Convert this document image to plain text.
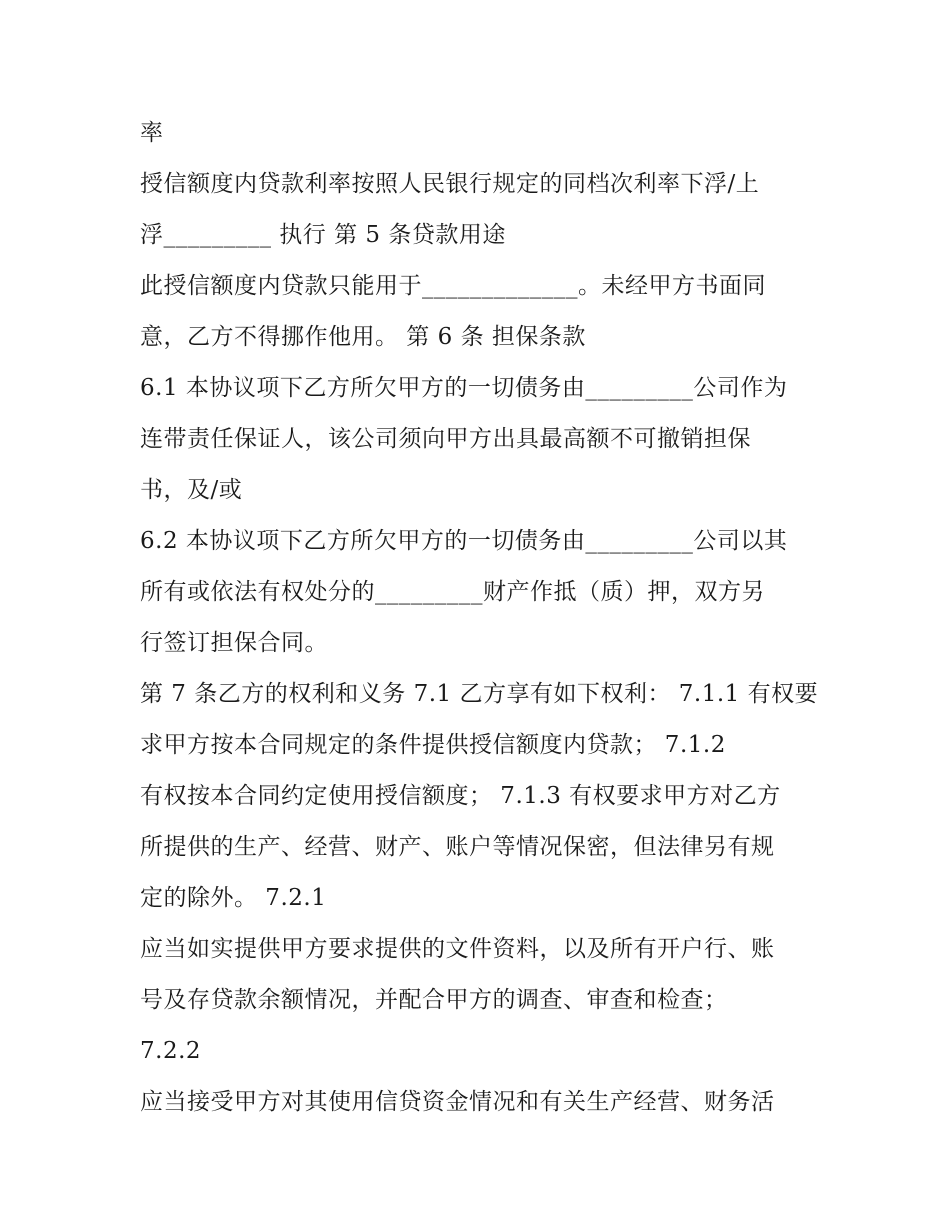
率
授信额度内贷款利率按照人民银行规定的同档次利率下浮/上
浮_________ 执行 第 5 条贷款用途
此授信额度内贷款只能用于_____________。未经甲方书面同
意，乙方不得挪作他用。 第 6 条 担保条款
6.1 本协议项下乙方所欠甲方的一切债务由_________公司作为
连带责任保证人，该公司须向甲方出具最高额不可撤销担保
书，及/或
6.2 本协议项下乙方所欠甲方的一切债务由_________公司以其
所有或依法有权处分的_________财产作抵（质）押，双方另
行签订担保合同。
第 7 条乙方的权利和义务 7.1 乙方享有如下权利： 7.1.1 有权要
求甲方按本合同规定的条件提供授信额度内贷款； 7.1.2
有权按本合同约定使用授信额度； 7.1.3 有权要求甲方对乙方
所提供的生产、经营、财产、账户等情况保密，但法律另有规
定的除外。 7.2.1
应当如实提供甲方要求提供的文件资料，以及所有开户行、账
号及存贷款余额情况，并配合甲方的调查、审查和检查；
7.2.2
应当接受甲方对其使用信贷资金情况和有关生产经营、财务活
